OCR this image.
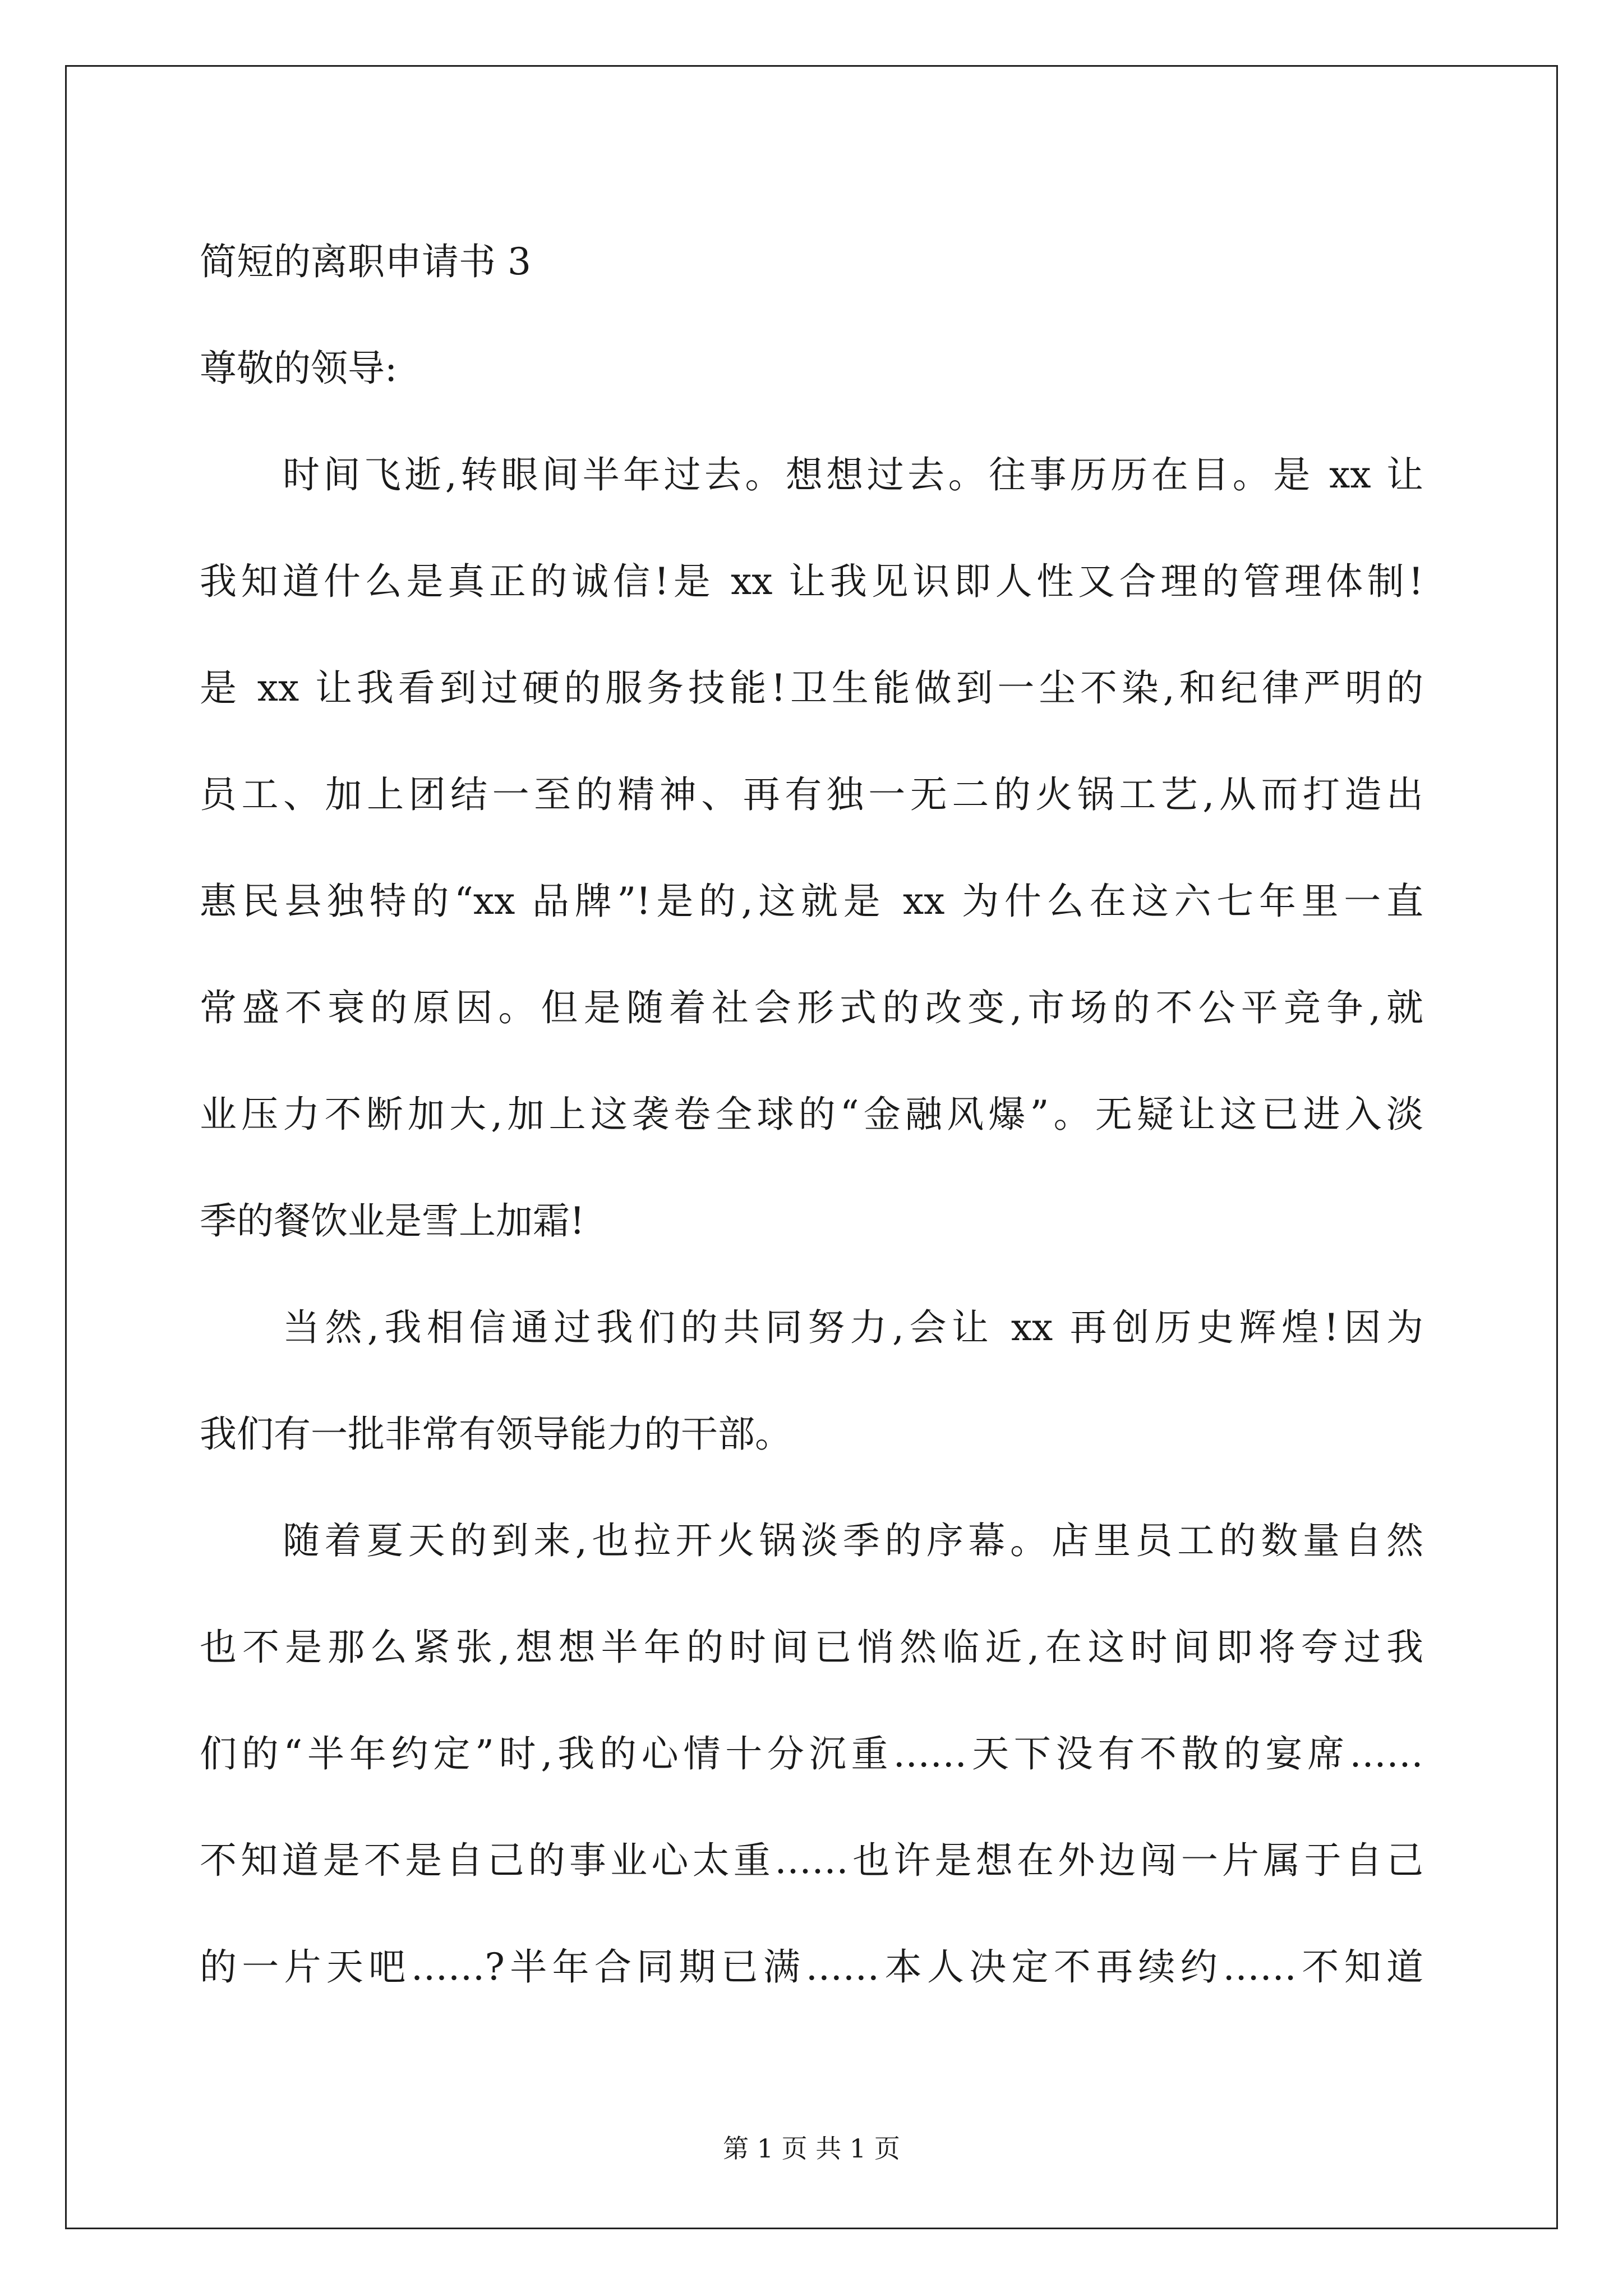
简短的离职申请书 3

尊敬的领导:

时间飞逝,转眼间半年过去。想想过去。往事历历在目。是 xx 让

我知道什么是真正的诚信!是 xx 让我见识即人性又合理的管理体制!

是 xx 让我看到过硬的服务技能!卫生能做到一尘不染,和纪律严明的

员工、加上团结一至的精神、再有独一无二的火锅工艺,从而打造出

惠民县独特的“xx 品牌”!是的,这就是 xx 为什么在这六七年里一直

常盛不衰的原因。但是随着社会形式的改变,市场的不公平竞争,就

业压力不断加大,加上这袭卷全球的“金融风爆”。无疑让这已进入淡

季的餐饮业是雪上加霜!

当然,我相信通过我们的共同努力,会让 xx 再创历史辉煌!因为

我们有一批非常有领导能力的干部。

随着夏天的到来,也拉开火锅淡季的序幕。店里员工的数量自然

也不是那么紧张,想想半年的时间已悄然临近,在这时间即将夸过我

们的“半年约定”时,我的心情十分沉重……天下没有不散的宴席……

不知道是不是自己的事业心太重……也许是想在外边闯一片属于自己

的一片天吧……?半年合同期已满……本人决定不再续约……不知道

第 1 页 共 1 页
